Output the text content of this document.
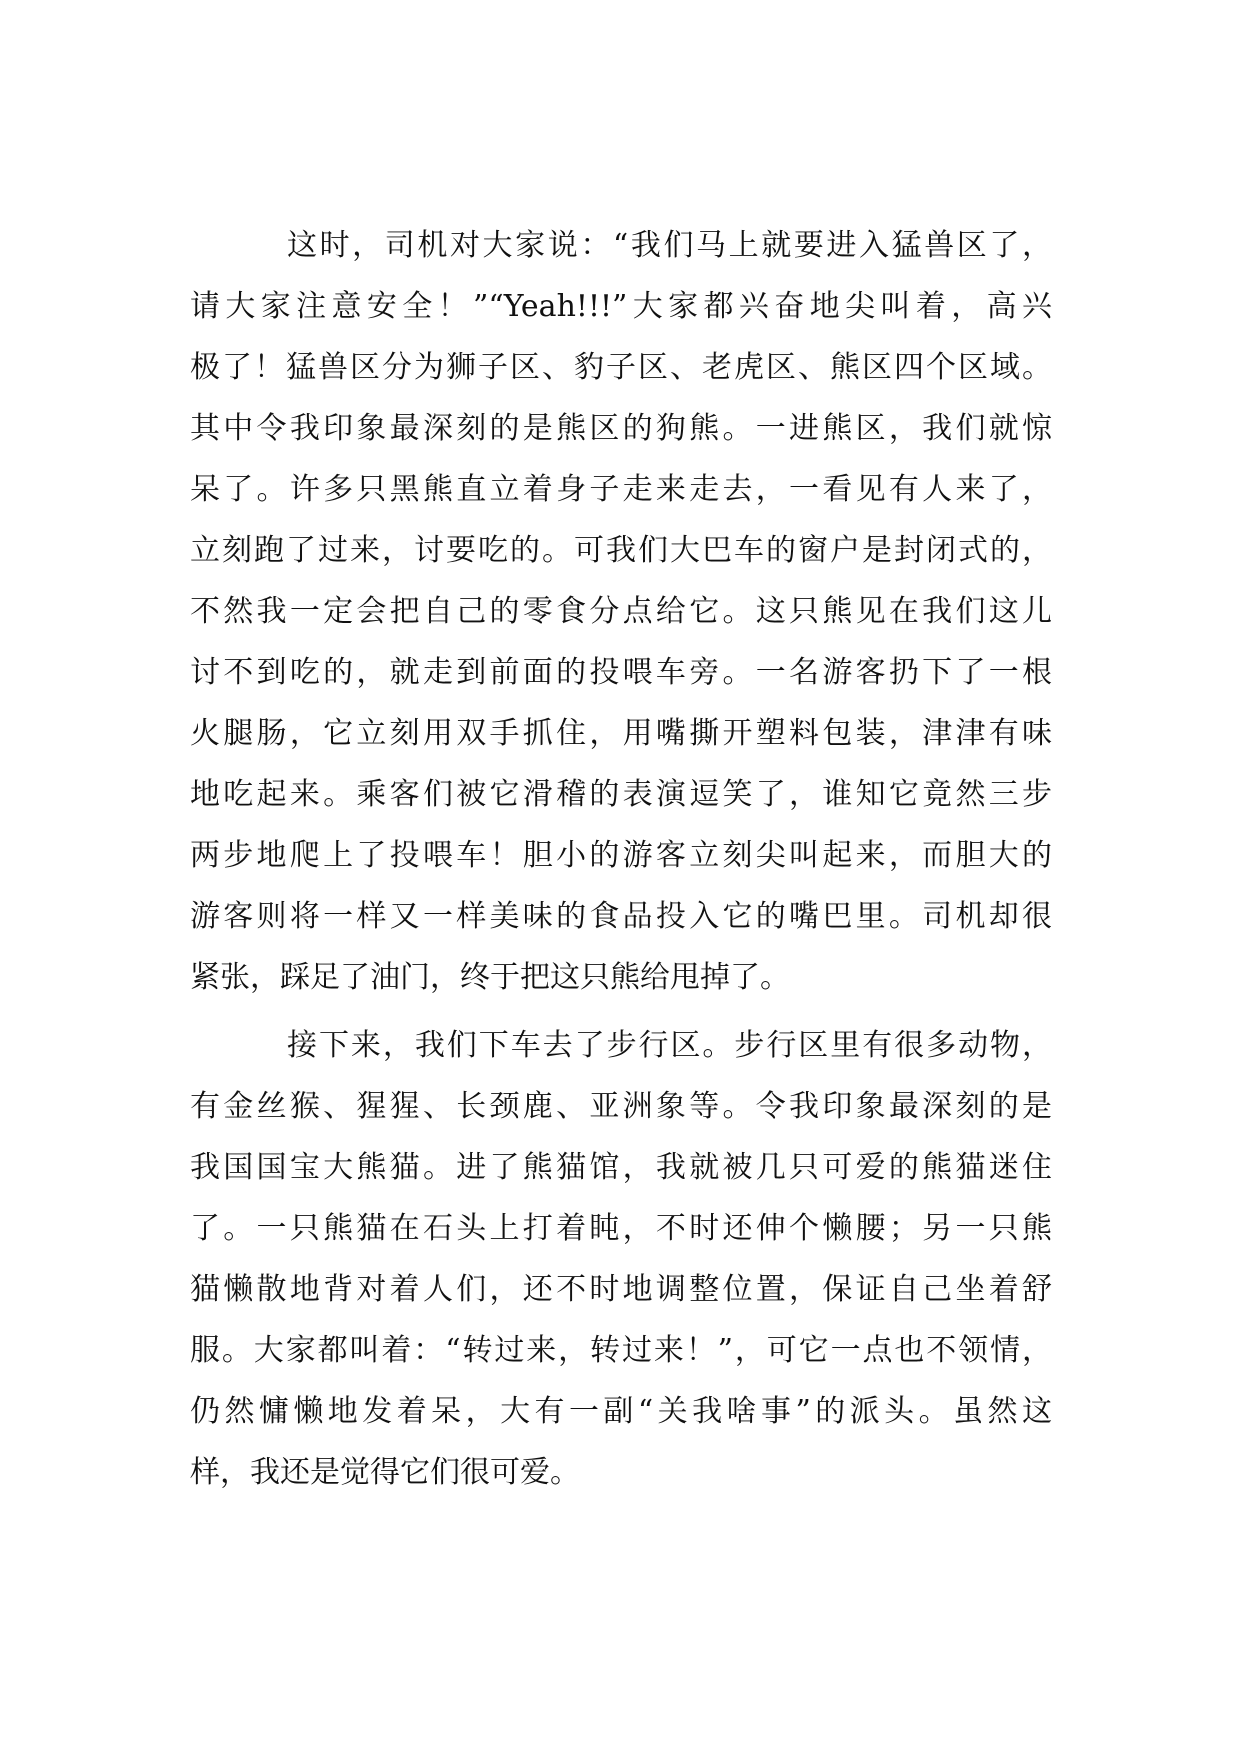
这时，司机对大家说：“我们马上就要进入猛兽区了，
请大家注意安全！”“Yeah!!!”大家都兴奋地尖叫着，高兴
极了！猛兽区分为狮子区、豹子区、老虎区、熊区四个区域。
其中令我印象最深刻的是熊区的狗熊。一进熊区，我们就惊
呆了。许多只黑熊直立着身子走来走去，一看见有人来了，
立刻跑了过来，讨要吃的。可我们大巴车的窗户是封闭式的，
不然我一定会把自己的零食分点给它。这只熊见在我们这儿
讨不到吃的，就走到前面的投喂车旁。一名游客扔下了一根
火腿肠，它立刻用双手抓住，用嘴撕开塑料包装，津津有味
地吃起来。乘客们被它滑稽的表演逗笑了，谁知它竟然三步
两步地爬上了投喂车！胆小的游客立刻尖叫起来，而胆大的
游客则将一样又一样美味的食品投入它的嘴巴里。司机却很
紧张，踩足了油门，终于把这只熊给甩掉了。
接下来，我们下车去了步行区。步行区里有很多动物，
有金丝猴、猩猩、长颈鹿、亚洲象等。令我印象最深刻的是
我国国宝大熊猫。进了熊猫馆，我就被几只可爱的熊猫迷住
了。一只熊猫在石头上打着盹，不时还伸个懒腰；另一只熊
猫懒散地背对着人们，还不时地调整位置，保证自己坐着舒
服。大家都叫着：“转过来，转过来！”，可它一点也不领情，
仍然慵懒地发着呆，大有一副“关我啥事”的派头。虽然这
样，我还是觉得它们很可爱。
